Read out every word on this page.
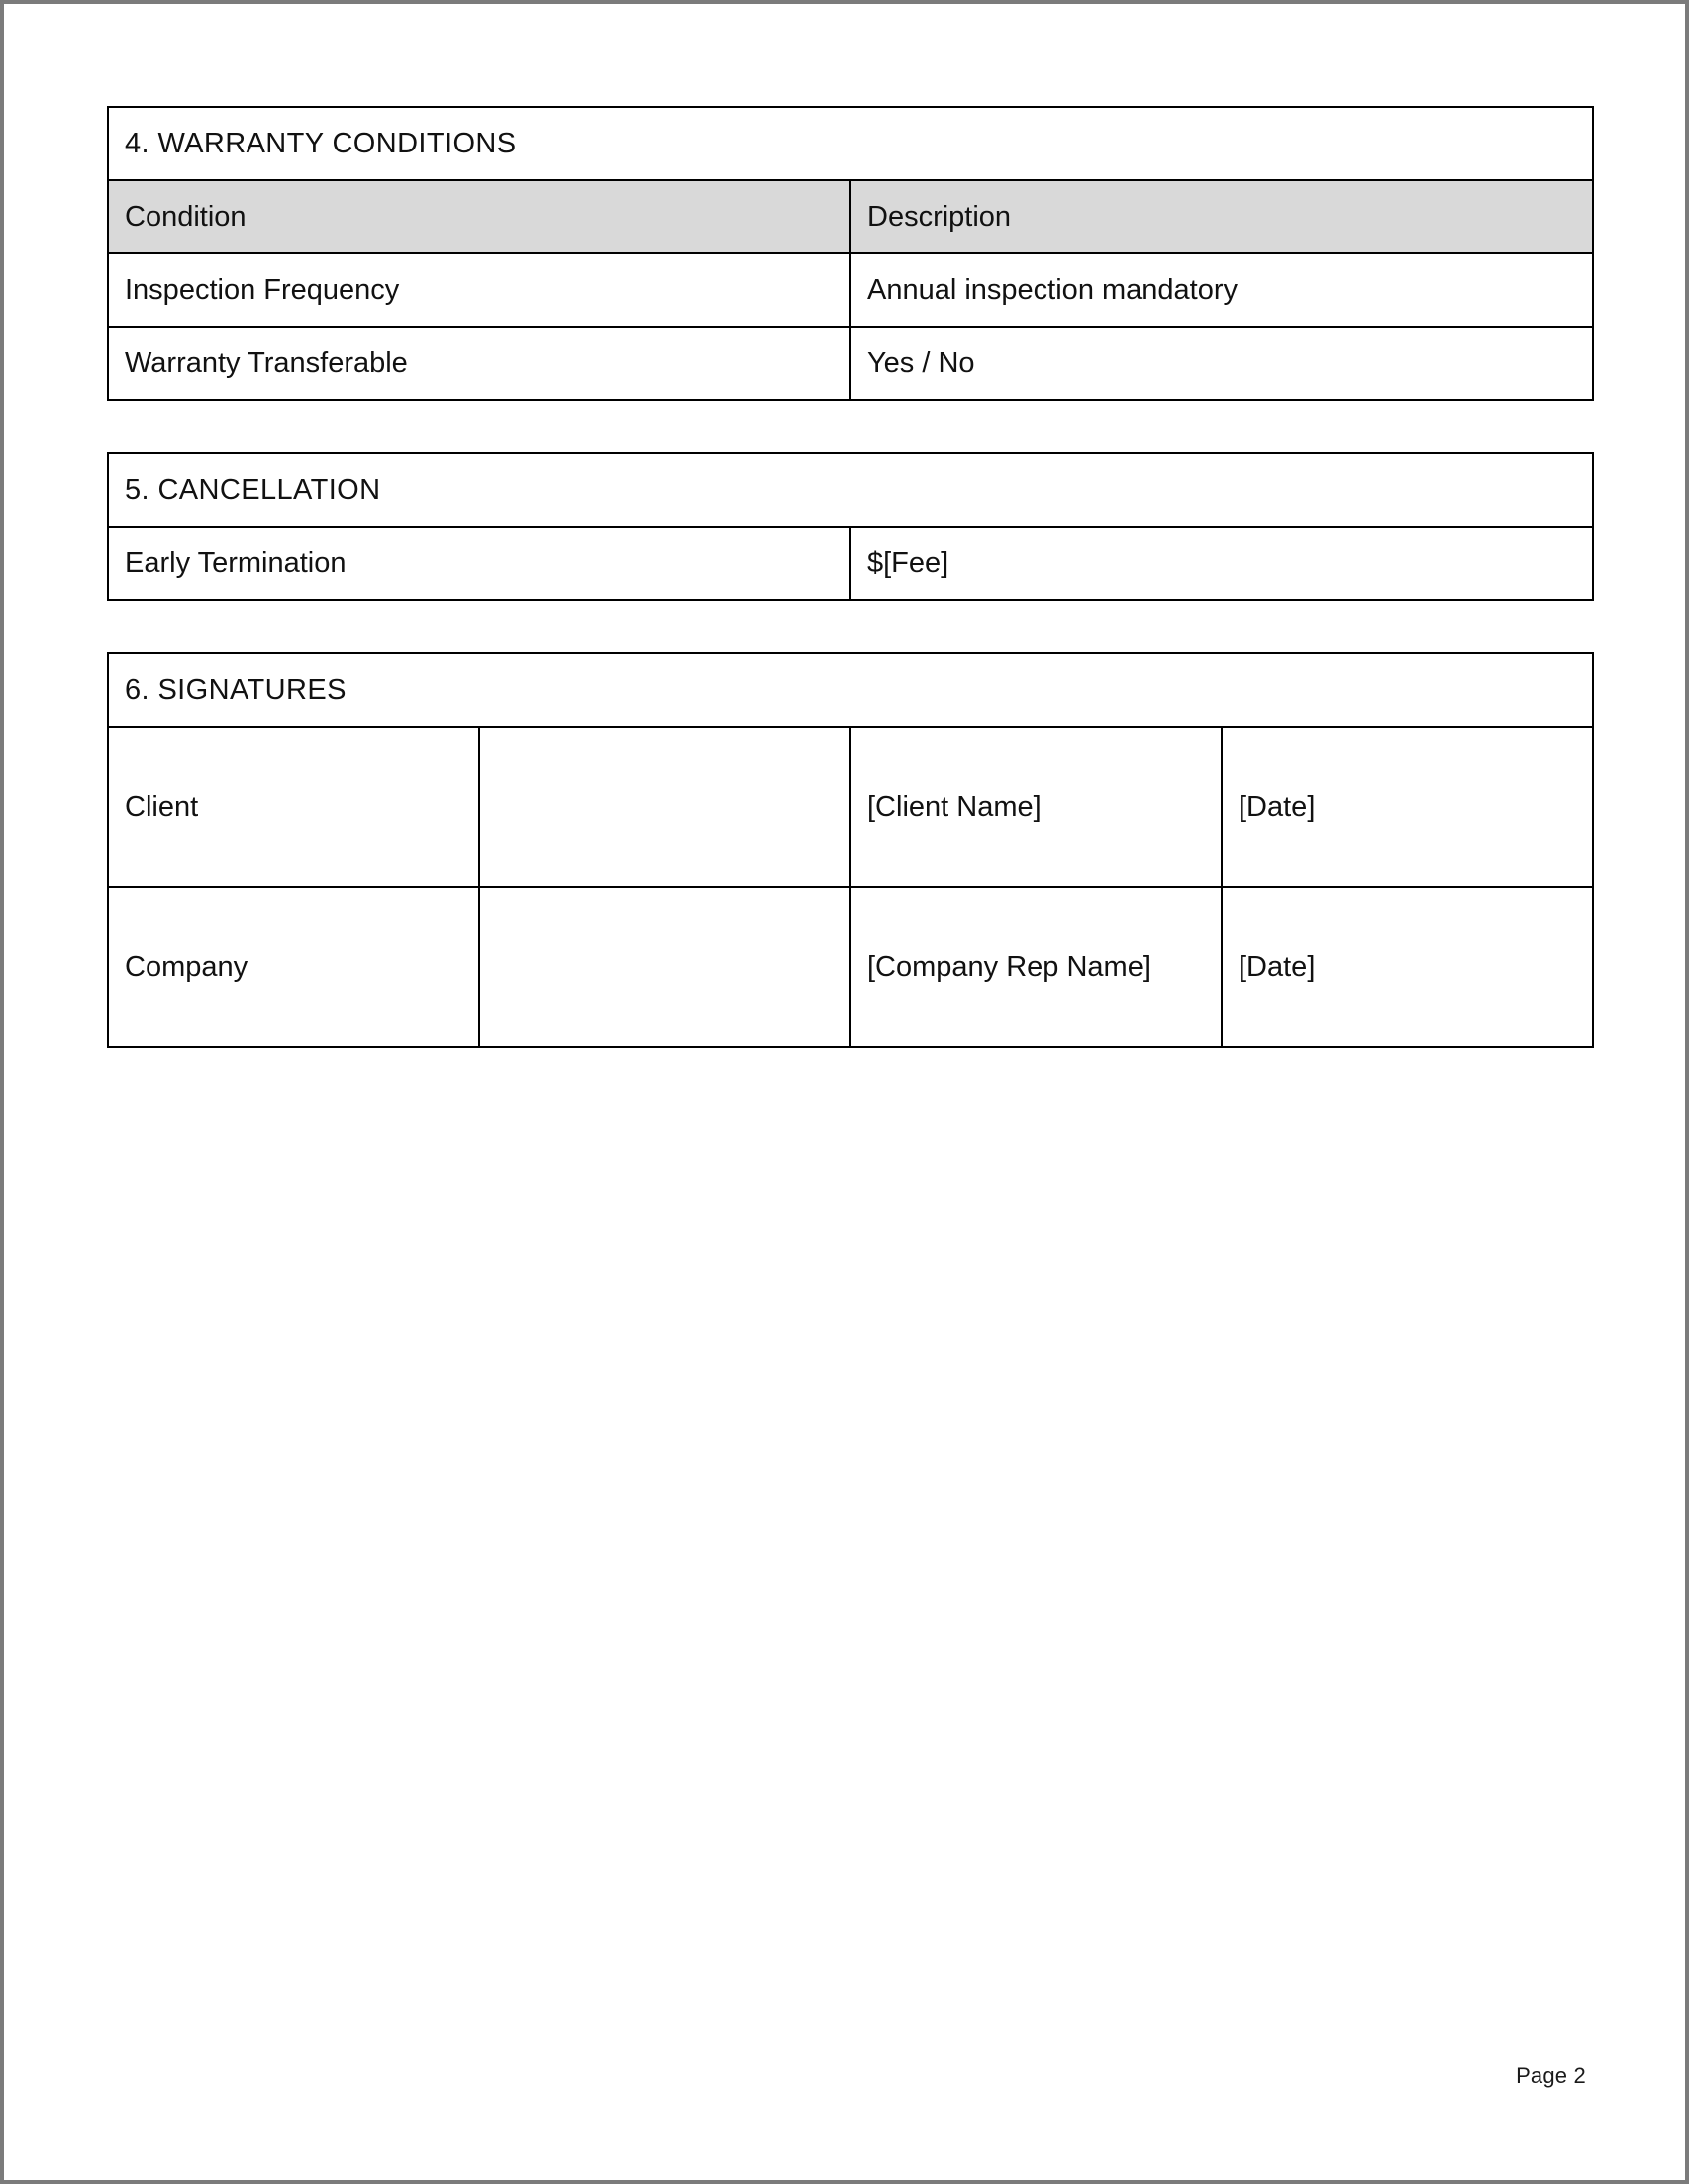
4. WARRANTY CONDITIONS	
Condition	Description
Inspection Frequency	Annual inspection mandatory
Warranty Transferable	Yes / No
5. CANCELLATION
Early Termination	$[Fee]
6. SIGNATURES			
Client		[Client Name]	[Date]
Company		[Company Rep Name]	[Date]
Page 2
